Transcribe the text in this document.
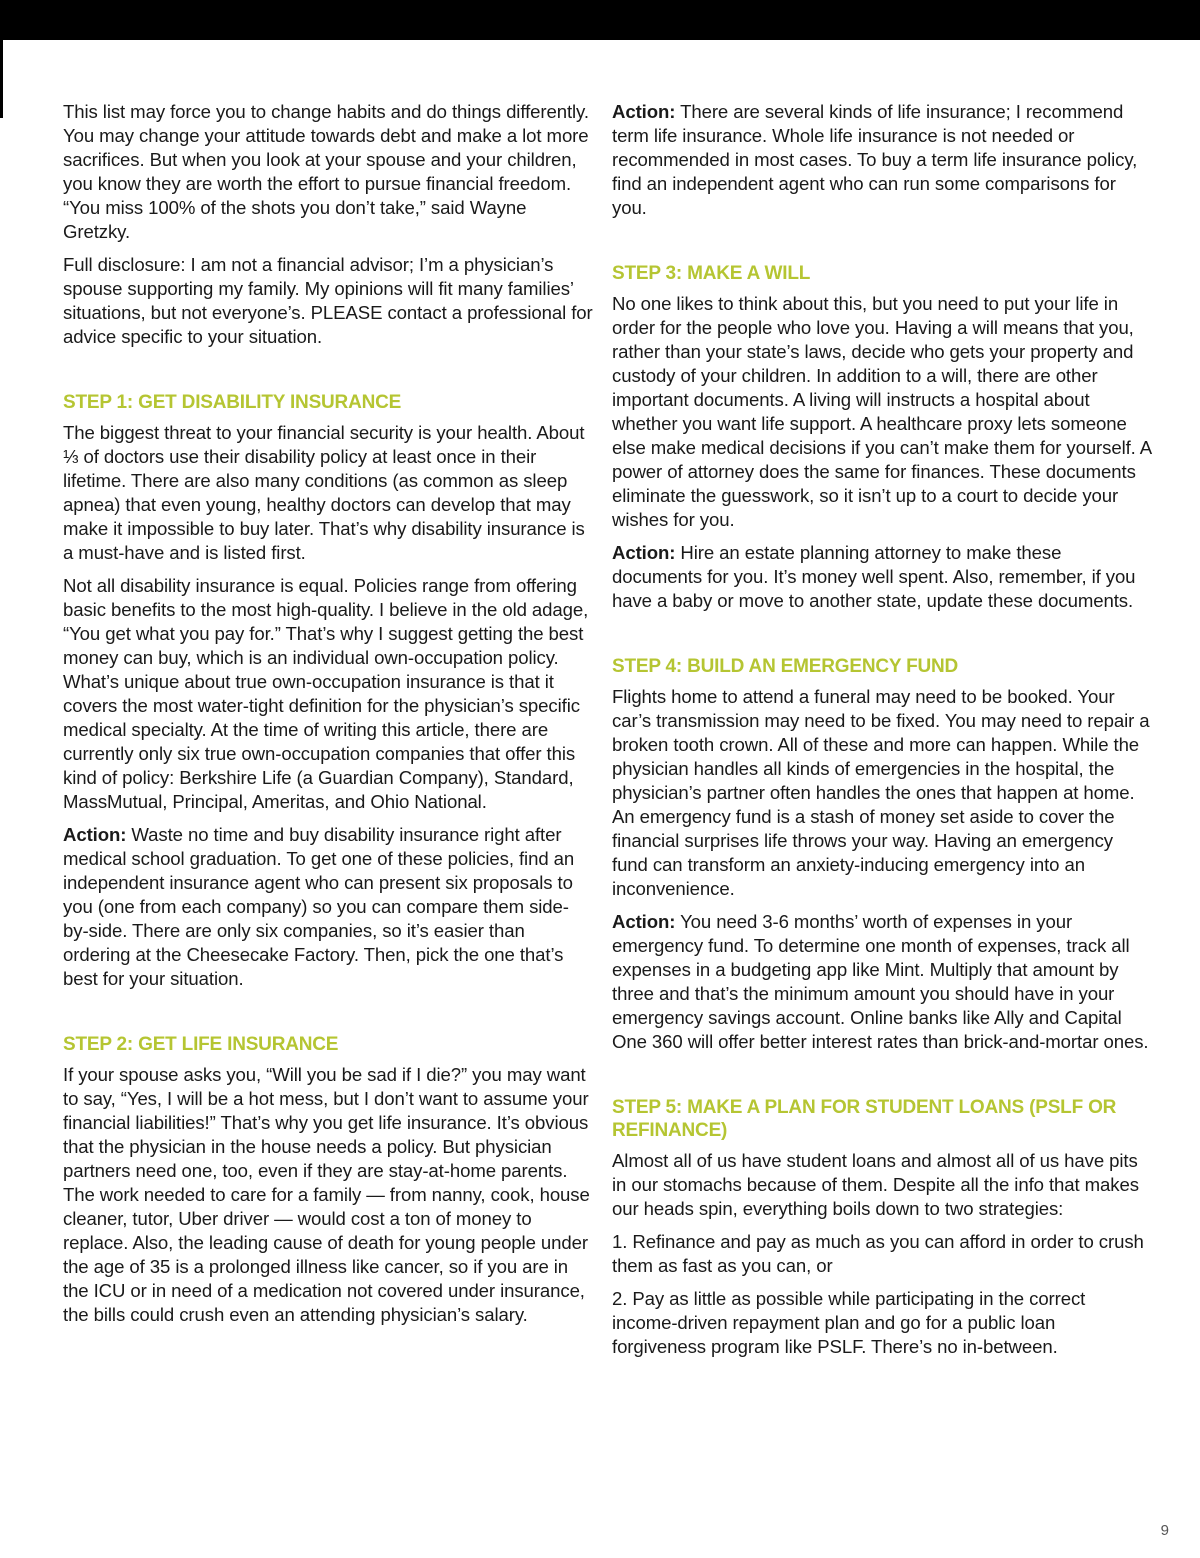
This list may force you to change habits and do things differently. You may change your attitude towards debt and make a lot more sacrifices. But when you look at your spouse and your children, you know they are worth the effort to pursue financial freedom. “You miss 100% of the shots you don’t take,” said Wayne Gretzky.

Full disclosure: I am not a financial advisor; I’m a physician’s spouse supporting my family. My opinions will fit many families’ situations, but not everyone’s. PLEASE contact a professional for advice specific to your situation.

STEP 1: GET DISABILITY INSURANCE

The biggest threat to your financial security is your health. About ⅓ of doctors use their disability policy at least once in their lifetime. There are also many conditions (as common as sleep apnea) that even young, healthy doctors can develop that may make it impossible to buy later. That’s why disability insurance is a must-have and is listed first.

Not all disability insurance is equal. Policies range from offering basic benefits to the most high-quality. I believe in the old adage, “You get what you pay for.” That’s why I suggest getting the best money can buy, which is an individual own-occupation policy. What’s unique about true own-occupation insurance is that it covers the most water-tight definition for the physician’s specific medical specialty. At the time of writing this article, there are currently only six true own-occupation companies that offer this kind of policy: Berkshire Life (a Guardian Company), Standard, MassMutual, Principal, Ameritas, and Ohio National.

Action: Waste no time and buy disability insurance right after medical school graduation. To get one of these policies, find an independent insurance agent who can present six proposals to you (one from each company) so you can compare them side-by-side. There are only six companies, so it’s easier than ordering at the Cheesecake Factory. Then, pick the one that’s best for your situation.

STEP 2: GET LIFE INSURANCE

If your spouse asks you, “Will you be sad if I die?” you may want to say, “Yes, I will be a hot mess, but I don’t want to assume your financial liabilities!” That’s why you get life insurance. It’s obvious that the physician in the house needs a policy. But physician partners need one, too, even if they are stay-at-home parents. The work needed to care for a family — from nanny, cook, house cleaner, tutor, Uber driver — would cost a ton of money to replace. Also, the leading cause of death for young people under the age of 35 is a prolonged illness like cancer, so if you are in the ICU or in need of a medication not covered under insurance, the bills could crush even an attending physician’s salary.

Action: There are several kinds of life insurance; I recommend term life insurance. Whole life insurance is not needed or recommended in most cases. To buy a term life insurance policy, find an independent agent who can run some comparisons for you.

STEP 3: MAKE A WILL

No one likes to think about this, but you need to put your life in order for the people who love you. Having a will means that you, rather than your state’s laws, decide who gets your property and custody of your children. In addition to a will, there are other important documents. A living will instructs a hospital about whether you want life support. A healthcare proxy lets someone else make medical decisions if you can’t make them for yourself. A power of attorney does the same for finances. These documents eliminate the guesswork, so it isn’t up to a court to decide your wishes for you.

Action: Hire an estate planning attorney to make these documents for you. It’s money well spent. Also, remember, if you have a baby or move to another state, update these documents.

STEP 4: BUILD AN EMERGENCY FUND

Flights home to attend a funeral may need to be booked. Your car’s transmission may need to be fixed. You may need to repair a broken tooth crown. All of these and more can happen. While the physician handles all kinds of emergencies in the hospital, the physician’s partner often handles the ones that happen at home. An emergency fund is a stash of money set aside to cover the financial surprises life throws your way. Having an emergency fund can transform an anxiety-inducing emergency into an inconvenience.

Action: You need 3-6 months’ worth of expenses in your emergency fund. To determine one month of expenses, track all expenses in a budgeting app like Mint. Multiply that amount by three and that’s the minimum amount you should have in your emergency savings account. Online banks like Ally and Capital One 360 will offer better interest rates than brick-and-mortar ones.

STEP 5: MAKE A PLAN FOR STUDENT LOANS (PSLF OR REFINANCE)

Almost all of us have student loans and almost all of us have pits in our stomachs because of them. Despite all the info that makes our heads spin, everything boils down to two strategies:

1. Refinance and pay as much as you can afford in order to crush them as fast as you can, or

2. Pay as little as possible while participating in the correct income-driven repayment plan and go for a public loan forgiveness program like PSLF. There’s no in-between.

9
